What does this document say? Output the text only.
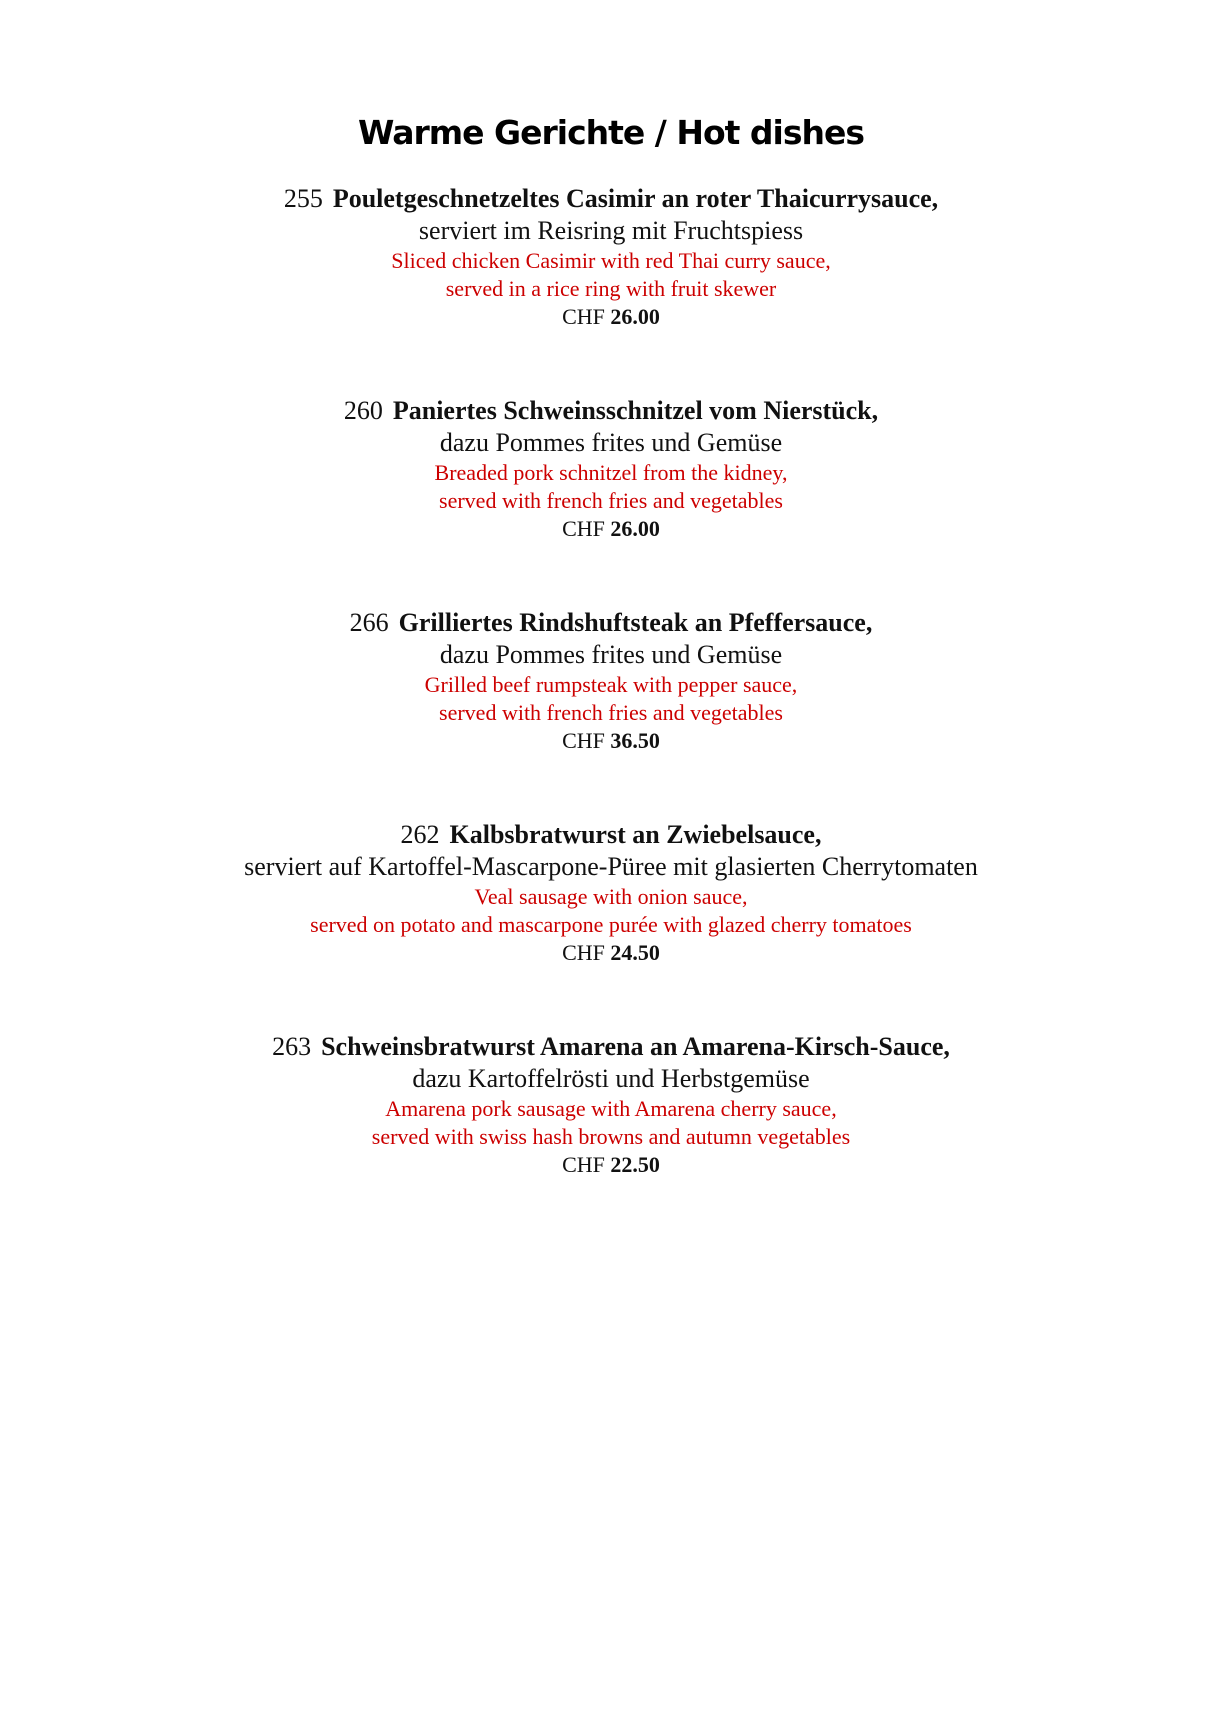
Warme Gerichte / Hot dishes
255 Pouletgeschnetzeltes Casimir an roter Thaicurrysauce,
serviert im Reisring mit Fruchtspiess
Sliced chicken Casimir with red Thai curry sauce,
served in a rice ring with fruit skewer
CHF 26.00
260 Paniertes Schweinsschnitzel vom Nierstück,
dazu Pommes frites und Gemüse
Breaded pork schnitzel from the kidney,
served with french fries and vegetables
CHF 26.00
266 Grilliertes Rindshuftsteak an Pfeffersauce,
dazu Pommes frites und Gemüse
Grilled beef rumpsteak with pepper sauce,
served with french fries and vegetables
CHF 36.50
262 Kalbsbratwurst an Zwiebelsauce,
serviert auf Kartoffel-Mascarpone-Püree mit glasierten Cherrytomaten
Veal sausage with onion sauce,
served on potato and mascarpone purée with glazed cherry tomatoes
CHF 24.50
263 Schweinsbratwurst Amarena an Amarena-Kirsch-Sauce,
dazu Kartoffelrösti und Herbstgemüse
Amarena pork sausage with Amarena cherry sauce,
served with swiss hash browns and autumn vegetables
CHF 22.50
